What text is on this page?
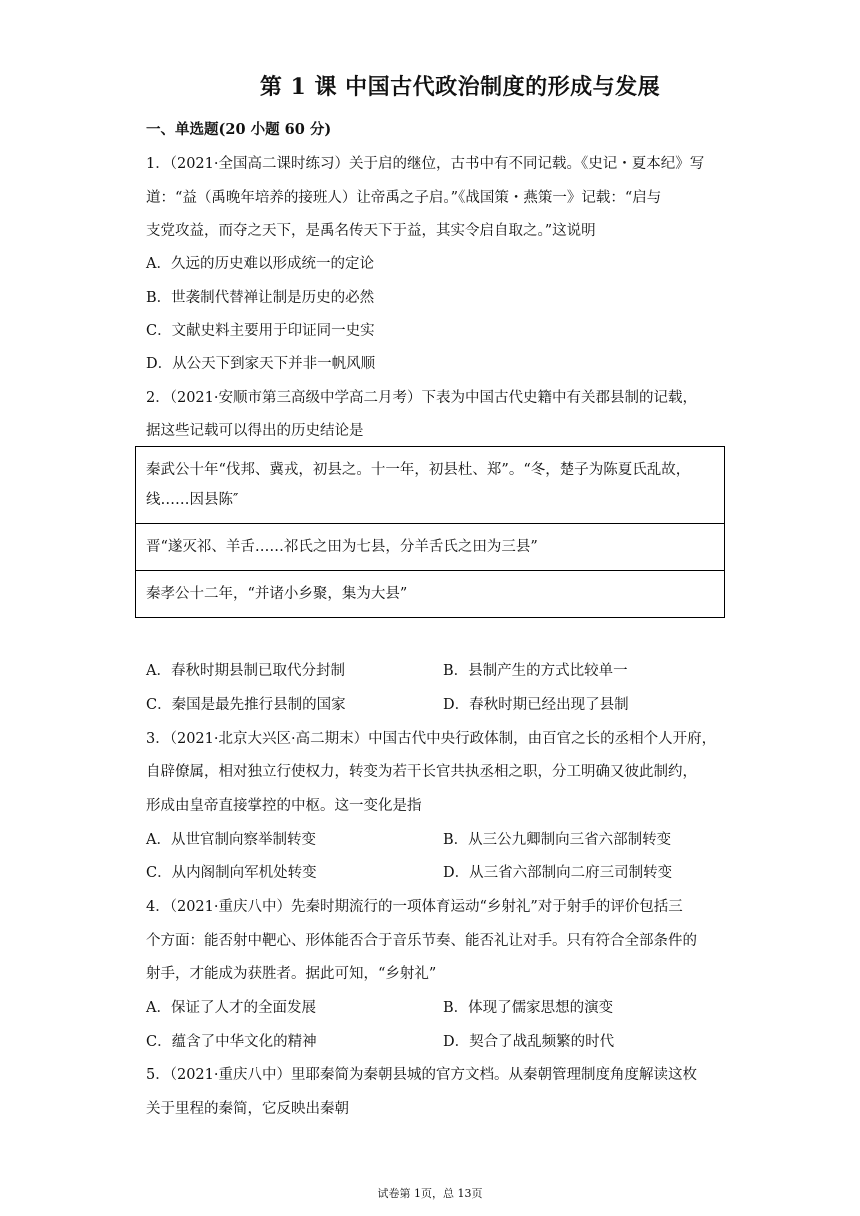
第 1 课 中国古代政治制度的形成与发展
一、单选题(20 小题 60 分)
1．（2021·全国高二课时练习）关于启的继位，古书中有不同记载。《史记・夏本纪》写
道：“益（禹晚年培养的接班人）让帝禹之子启。”《战国策・燕策一》记载：“启与
支党攻益，而夺之天下，是禹名传天下于益，其实令启自取之。”这说明
A．久远的历史难以形成统一的定论
B．世袭制代替禅让制是历史的必然
C．文献史料主要用于印证同一史实
D．从公天下到家天下并非一帆风顺
2．（2021·安顺市第三高级中学高二月考）下表为中国古代史籍中有关郡县制的记载，
据这些记载可以得出的历史结论是
秦武公十年“伐邦、冀戎，初县之。十一年，初县杜、郑”。“冬，楚子为陈夏氏乱故，
线……因县陈″

晋“遂灭祁、羊舌……祁氏之田为七县，分羊舌氏之田为三县”
秦孝公十二年，“并诸小乡聚，集为大县”
A．春秋时期县制已取代分封制	B．县制产生的方式比较单一
C．秦国是最先推行县制的国家	D．春秋时期已经出现了县制
3．（2021·北京大兴区·高二期末）中国古代中央行政体制，由百官之长的丞相个人开府，
自辟僚属，相对独立行使权力，转变为若干长官共执丞相之职，分工明确又彼此制约，
形成由皇帝直接掌控的中枢。这一变化是指
A．从世官制向察举制转变	B．从三公九卿制向三省六部制转变
C．从内阁制向军机处转变	D．从三省六部制向二府三司制转变
4．（2021·重庆八中）先秦时期流行的一项体育运动“乡射礼”对于射手的评价包括三
个方面：能否射中靶心、形体能否合于音乐节奏、能否礼让对手。只有符合全部条件的
射手，才能成为获胜者。据此可知，“乡射礼”
A．保证了人才的全面发展	B．体现了儒家思想的演变
C．蕴含了中华文化的精神	D．契合了战乱频繁的时代
5．（2021·重庆八中）里耶秦简为秦朝县城的官方文档。从秦朝管理制度角度解读这枚
关于里程的秦简，它反映出秦朝
试卷第 1页，总 13页
